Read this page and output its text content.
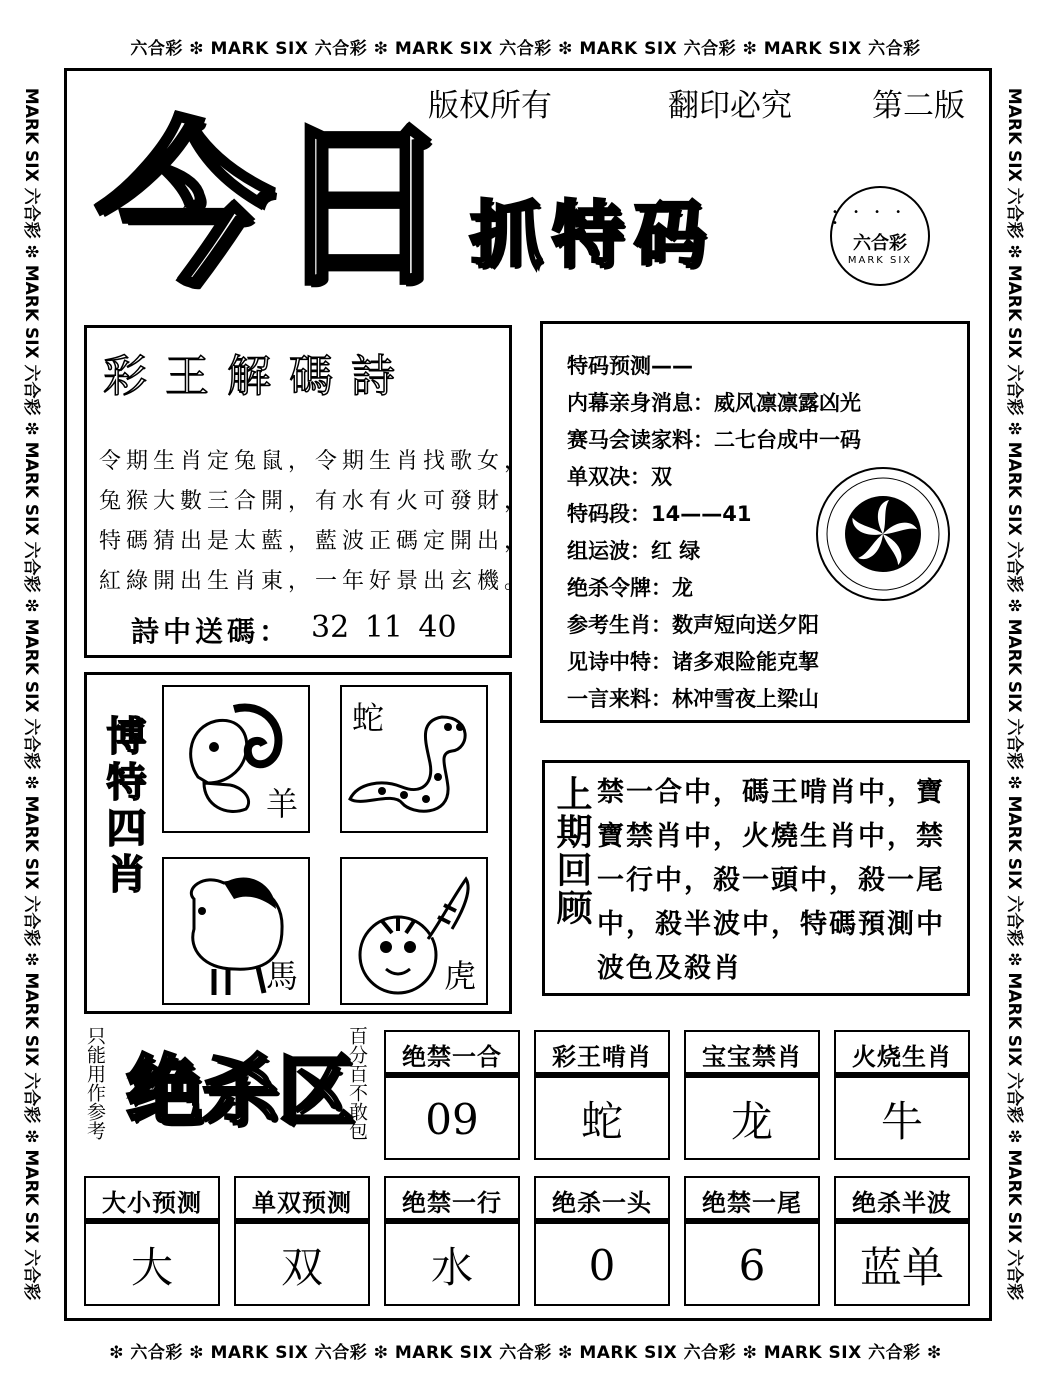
六合彩 ❇ MARK SIX 六合彩 ❇ MARK SIX 六合彩 ❇ MARK SIX 六合彩 ❇ MARK SIX 六合彩
❇ 六合彩 ❇ MARK SIX 六合彩 ❇ MARK SIX 六合彩 ❇ MARK SIX 六合彩 ❇ MARK SIX 六合彩 ❇
MARK SIX 六合彩 ❇ MARK SIX 六合彩 ❇ MARK SIX 六合彩 ❇ MARK SIX 六合彩 ❇ MARK SIX 六合彩 ❇ MARK SIX 六合彩 ❇ MARK SIX 六合彩	MARK SIX 六合彩 ❇ MARK SIX 六合彩 ❇ MARK SIX 六合彩 ❇ MARK SIX 六合彩 ❇ MARK SIX 六合彩 ❇ MARK SIX 六合彩 ❇ MARK SIX 六合彩
版权所有	翻印必究	第二版
今日 抓特码	• • • • •
六合彩
MARK SIX
彩王解碼詩
令期生肖定兔鼠，令期生肖找歌女，
兔猴大數三合開，有水有火可發財，
特碼猜出是太藍，藍波正碼定開出，
紅綠開出生肖東，一年好景出玄機。
詩中送碼： 32 11 40
特码预测——
内幕亲身消息：威风凛凛露凶光
赛马会读家料：二七台成中一码
单双决：双
特码段：14——41
组运波：红 绿
绝杀令牌：龙
参考生肖：数声短向送夕阳
见诗中特：诸多艰险能克挈
一言来料：林冲雪夜上梁山
博特四肖	羊
蛇
馬	虎
上期回顾 禁一合中，碼王啃肖中，寶寶禁肖中，火燒生肖中，禁一行中，殺一頭中，殺一尾中，殺半波中，特碼預測中波色及殺肖
只能用作参考 绝杀区
百分百不敢包	绝禁一合
09
彩王啃肖
蛇
宝宝禁肖
龙
火烧生肖
牛
大小预测
大
单双预测
双
绝禁一行
水
绝杀一头
0
绝禁一尾
6
绝杀半波
蓝单
